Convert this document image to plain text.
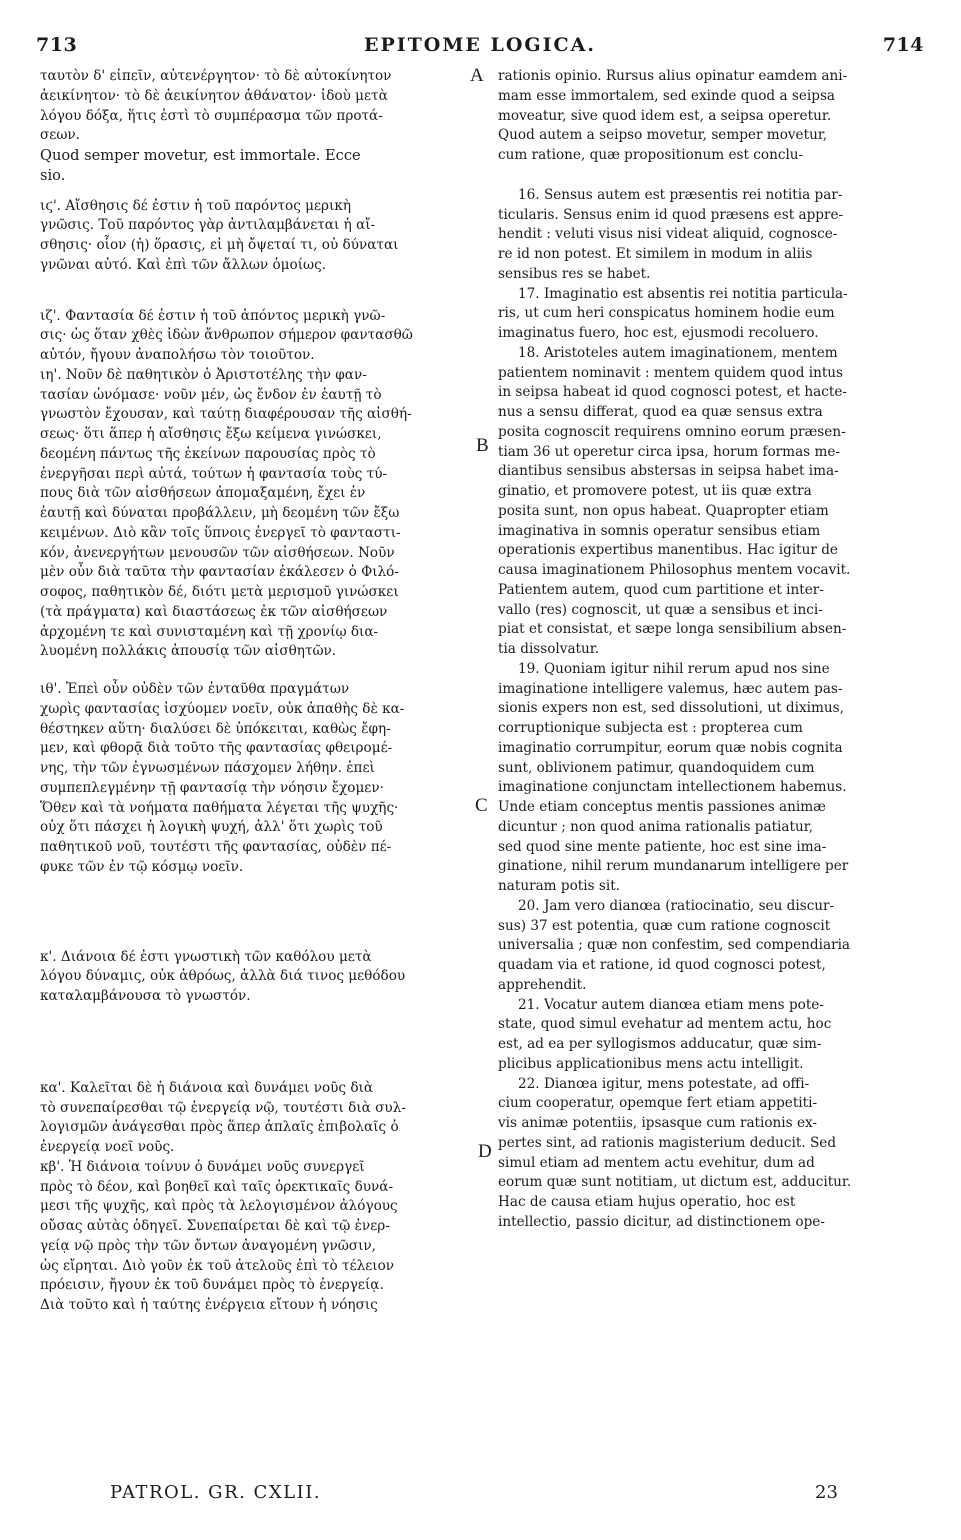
713	EPITOME LOGICA.	714

ταυτὸν δ' εἰπεῖν, αὐτενέργητον· τὸ δὲ αὐτοκίνητον
ἀεικίνητον· τὸ δὲ ἀεικίνητον ἀθάνατον· ἰδοὺ μετὰ
λόγου δόξα, ἥτις ἐστὶ τὸ συμπέρασμα τῶν προτά-
σεων.

Quod semper movetur, est immortale. Ecce
sio.

ιϛ'. Αἴσθησις δέ ἐστιν ἡ τοῦ παρόντος μερικὴ
γνῶσις. Τοῦ παρόντος γὰρ ἀντιλαμβάνεται ἡ αἴ-
σθησις· οἷον (ἡ) ὅρασις, εἰ μὴ ὄψεταί τι, οὐ δύναται
γνῶναι αὐτό. Καὶ ἐπὶ τῶν ἄλλων ὁμοίως.

ιζ'. Φαντασία δέ ἐστιν ἡ τοῦ ἀπόντος μερικὴ γνῶ-
σις· ὡς ὅταν χθὲς ἰδὼν ἄνθρωπον σήμερον φαντασθῶ
αὐτόν, ἤγουν ἀναπολήσω τὸν τοιοῦτον.

ιη'. Νοῦν δὲ παθητικὸν ὁ Ἀριστοτέλης τὴν φαν-
τασίαν ὠνόμασε· νοῦν μέν, ὡς ἔνδον ἐν ἑαυτῇ τὸ
γνωστὸν ἔχουσαν, καὶ ταύτῃ διαφέρουσαν τῆς αἰσθή-
σεως· ὅτι ἅπερ ἡ αἴσθησις ἔξω κείμενα γινώσκει,
δεομένη πάντως τῆς ἐκείνων παρουσίας πρὸς τὸ
ἐνεργῆσαι περὶ αὐτά, τούτων ἡ φαντασία τοὺς τύ-
πους διὰ τῶν αἰσθήσεων ἀπομαξαμένη, ἔχει ἐν
ἑαυτῇ καὶ δύναται προβάλλειν, μὴ δεομένη τῶν ἔξω
κειμένων. Διὸ κἂν τοῖς ὕπνοις ἐνεργεῖ τὸ φανταστι-
κόν, ἀνενεργήτων μενουσῶν τῶν αἰσθήσεων. Νοῦν
μὲν οὖν διὰ ταῦτα τὴν φαντασίαν ἐκάλεσεν ὁ Φιλό-
σοφος, παθητικὸν δέ, διότι μετὰ μερισμοῦ γινώσκει
(τὰ πράγματα) καὶ διαστάσεως ἐκ τῶν αἰσθήσεων
ἀρχομένη τε καὶ συνισταμένη καὶ τῇ χρονίῳ δια-
λυομένη πολλάκις ἀπουσίᾳ τῶν αἰσθητῶν.

ιθ'. Ἐπεὶ οὖν οὐδὲν τῶν ἐνταῦθα πραγμάτων
χωρὶς φαντασίας ἰσχύομεν νοεῖν, οὐκ ἀπαθὴς δὲ κα-
θέστηκεν αὕτη· διαλύσει δὲ ὑπόκειται, καθὼς ἔφη-
μεν, καὶ φθορᾷ διὰ τοῦτο τῆς φαντασίας φθειρομέ-
νης, τὴν τῶν ἐγνωσμένων πάσχομεν λήθην. ἐπεὶ
συμπεπλεγμένην τῇ φαντασίᾳ τὴν νόησιν ἔχομεν·
Ὅθεν καὶ τὰ νοήματα παθήματα λέγεται τῆς ψυχῆς·
οὐχ ὅτι πάσχει ἡ λογικὴ ψυχή, ἀλλ' ὅτι χωρὶς τοῦ
παθητικοῦ νοῦ, τουτέστι τῆς φαντασίας, οὐδὲν πέ-
φυκε τῶν ἐν τῷ κόσμῳ νοεῖν.

κ'. Διάνοια δέ ἐστι γνωστικὴ τῶν καθόλου μετὰ
λόγου δύναμις, οὐκ ἀθρόως, ἀλλὰ διά τινος μεθόδου
καταλαμβάνουσα τὸ γνωστόν.

κα'. Καλεῖται δὲ ἡ διάνοια καὶ δυνάμει νοῦς διὰ
τὸ συνεπαίρεσθαι τῷ ἐνεργείᾳ νῷ, τουτέστι διὰ συλ-
λογισμῶν ἀνάγεσθαι πρὸς ἅπερ ἁπλαῖς ἐπιβολαῖς ὁ
ἐνεργείᾳ νοεῖ νοῦς.

κβ'. Ἡ διάνοια τοίνυν ὁ δυνάμει νοῦς συνεργεῖ
πρὸς τὸ δέον, καὶ βοηθεῖ καὶ ταῖς ὀρεκτικαῖς δυνά-
μεσι τῆς ψυχῆς, καὶ πρὸς τὰ λελογισμένον ἀλόγους
οὔσας αὐτὰς ὁδηγεῖ. Συνεπαίρεται δὲ καὶ τῷ ἐνερ-
γείᾳ νῷ πρὸς τὴν τῶν ὄντων ἀναγομένη γνῶσιν,
ὡς εἴρηται. Διὸ γοῦν ἐκ τοῦ ἀτελοῦς ἐπὶ τὸ τέλειον
πρόεισιν, ἤγουν ἐκ τοῦ δυνάμει πρὸς τὸ ἐνεργείᾳ.
Διὰ τοῦτο καὶ ἡ ταύτης ἐνέργεια εἴτουν ἡ νόησις

rationis opinio. Rursus alius opinatur eamdem ani-
mam esse immortalem, sed exinde quod a seipsa
moveatur, sive quod idem est, a seipsa operetur.
Quod autem a seipso movetur, semper movetur,
cum ratione, quæ propositionum est conclu-

16. Sensus autem est præsentis rei notitia par-
ticularis. Sensus enim id quod præsens est appre-
hendit : veluti visus nisi videat aliquid, cognosce-
re id non potest. Et similem in modum in aliis
sensibus res se habet.

17. Imaginatio est absentis rei notitia particula-
ris, ut cum heri conspicatus hominem hodie eum
imaginatus fuero, hoc est, ejusmodi recoluero.

18. Aristoteles autem imaginationem, mentem
patientem nominavit : mentem quidem quod intus
in seipsa habeat id quod cognosci potest, et hacte-
nus a sensu differat, quod ea quæ sensus extra
posita cognoscit requirens omnino eorum præsen-
tiam 36 ut operetur circa ipsa, horum formas me-
diantibus sensibus abstersas in seipsa habet ima-
ginatio, et promovere potest, ut iis quæ extra
posita sunt, non opus habeat. Quapropter etiam
imaginativa in somnis operatur sensibus etiam
operationis expertibus manentibus. Hac igitur de
causa imaginationem Philosophus mentem vocavit.
Patientem autem, quod cum partitione et inter-
vallo (res) cognoscit, ut quæ a sensibus et inci-
piat et consistat, et sæpe longa sensibilium absen-
tia dissolvatur.

19. Quoniam igitur nihil rerum apud nos sine
imaginatione intelligere valemus, hæc autem pas-
sionis expers non est, sed dissolutioni, ut diximus,
corruptionique subjecta est : propterea cum
imaginatio corrumpitur, eorum quæ nobis cognita
sunt, oblivionem patimur, quandoquidem cum
imaginatione conjunctam intellectionem habemus.
Unde etiam conceptus mentis passiones animæ
dicuntur ; non quod anima rationalis patiatur,
sed quod sine mente patiente, hoc est sine ima-
ginatione, nihil rerum mundanarum intelligere per
naturam potis sit.

20. Jam vero dianœa (ratiocinatio, seu discur-
sus) 37 est potentia, quæ cum ratione cognoscit
universalia ; quæ non confestim, sed compendiaria
quadam via et ratione, id quod cognosci potest,
apprehendit.

21. Vocatur autem dianœa etiam mens pote-
state, quod simul evehatur ad mentem actu, hoc
est, ad ea per syllogismos adducatur, quæ sim-
plicibus applicationibus mens actu intelligit.

22. Dianœa igitur, mens potestate, ad offi-
cium cooperatur, opemque fert etiam appetiti-
vis animæ potentiis, ipsasque cum rationis ex-
pertes sint, ad rationis magisterium deducit. Sed
simul etiam ad mentem actu evehitur, dum ad
eorum quæ sunt notitiam, ut dictum est, adducitur.
Hac de causa etiam hujus operatio, hoc est
intellectio, passio dicitur, ad distinctionem ope-

A
B
C
D
PATROL. GR. CXLII.	23
